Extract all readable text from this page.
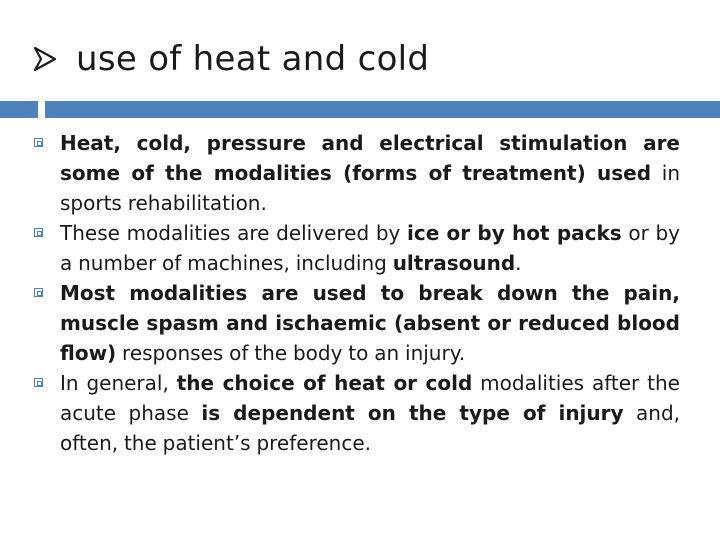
use of heat and cold
Heat, cold, pressure and electrical stimulation are some of the modalities (forms of treatment) used in sports rehabilitation.
These modalities are delivered by ice or by hot packs or by a number of machines, including ultrasound.
Most modalities are used to break down the pain, muscle spasm and ischaemic (absent or reduced blood flow) responses of the body to an injury.
In general, the choice of heat or cold modalities after the acute phase is dependent on the type of injury and, often, the patient’s preference.
